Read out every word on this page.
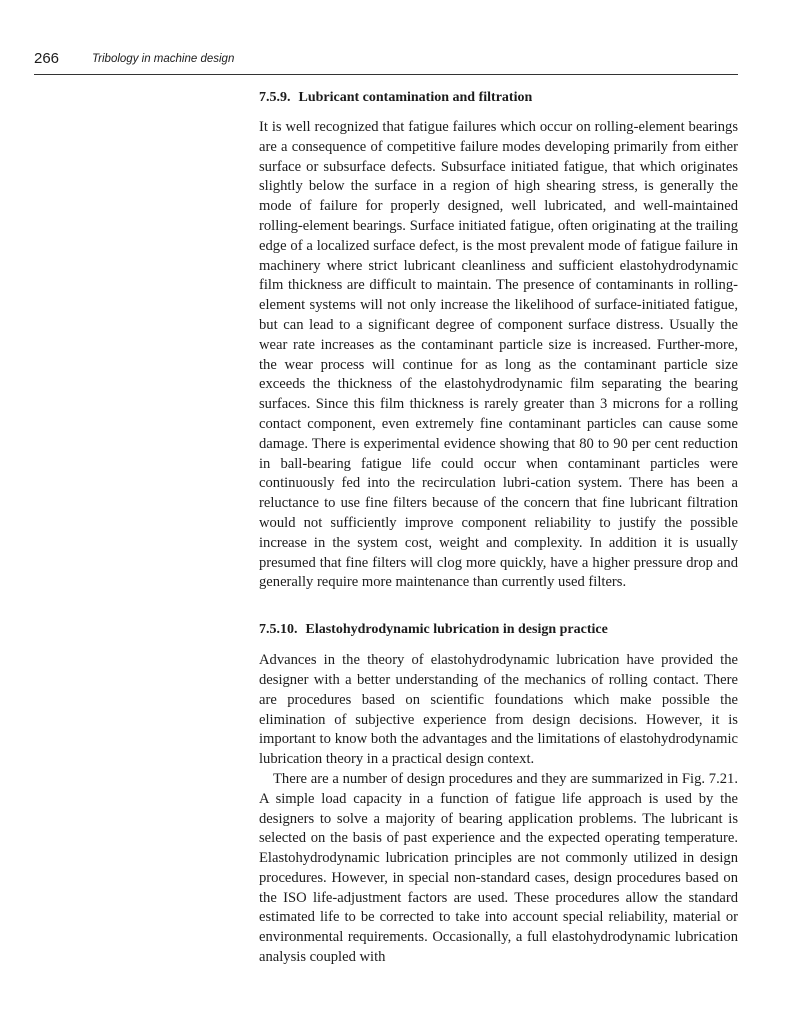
266	Tribology in machine design
7.5.9. Lubricant contamination and filtration

It is well recognized that fatigue failures which occur on rolling-element bearings are a consequence of competitive failure modes developing primarily from either surface or subsurface defects. Subsurface initiated fatigue, that which originates slightly below the surface in a region of high shearing stress, is generally the mode of failure for properly designed, well lubricated, and well-maintained rolling-element bearings. Surface initiated fatigue, often originating at the trailing edge of a localized surface defect, is the most prevalent mode of fatigue failure in machinery where strict lubricant cleanliness and sufficient elastohydrodynamic film thickness are difficult to maintain. The presence of contaminants in rolling-element systems will not only increase the likelihood of surface-initiated fatigue, but can lead to a significant degree of component surface distress. Usually the wear rate increases as the contaminant particle size is increased. Further-more, the wear process will continue for as long as the contaminant particle size exceeds the thickness of the elastohydrodynamic film separating the bearing surfaces. Since this film thickness is rarely greater than 3 microns for a rolling contact component, even extremely fine contaminant particles can cause some damage. There is experimental evidence showing that 80 to 90 per cent reduction in ball-bearing fatigue life could occur when contaminant particles were continuously fed into the recirculation lubri-cation system. There has been a reluctance to use fine filters because of the concern that fine lubricant filtration would not sufficiently improve component reliability to justify the possible increase in the system cost, weight and complexity. In addition it is usually presumed that fine filters will clog more quickly, have a higher pressure drop and generally require more maintenance than currently used filters.

7.5.10. Elastohydrodynamic lubrication in design practice

Advances in the theory of elastohydrodynamic lubrication have provided the designer with a better understanding of the mechanics of rolling contact. There are procedures based on scientific foundations which make possible the elimination of subjective experience from design decisions. However, it is important to know both the advantages and the limitations of elastohydrodynamic lubrication theory in a practical design context.

There are a number of design procedures and they are summarized in Fig. 7.21. A simple load capacity in a function of fatigue life approach is used by the designers to solve a majority of bearing application problems. The lubricant is selected on the basis of past experience and the expected operating temperature. Elastohydrodynamic lubrication principles are not commonly utilized in design procedures. However, in special non-standard cases, design procedures based on the ISO life-adjustment factors are used. These procedures allow the standard estimated life to be corrected to take into account special reliability, material or environmental requirements. Occasionally, a full elastohydrodynamic lubrication analysis coupled with
